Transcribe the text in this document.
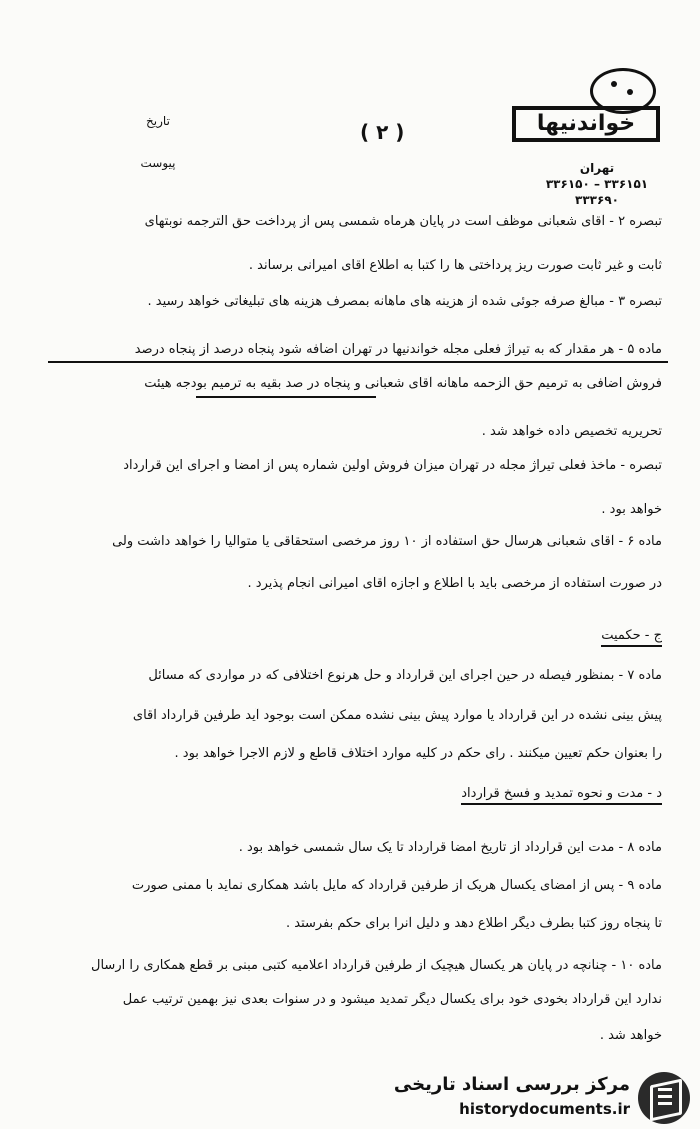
تاریخ
پیوست
( ۲ )	خواندنیها
تهران
۳۳۶۱۵۱ – ۳۳۶۱۵۰
۳۳۳۶۹۰
تبصره ۲ - آقای شعبانی موظف است در پایان هرماه شمسی پس از پرداخت حق الترجمه نوبتهای
ثابت و غیر ثابت صورت ریز پرداختی ها را کتبا به اطلاع آقای امیرانی برساند .
تبصره ۳ - مبالغ صرفه جوئی شده از هزینه های ماهانه بمصرف هزینه های تبلیغاتی خواهد رسید .
ماده ۵ - هر مقدار که به تیراژ فعلی مجله خواندنیها در تهران اضافه شود پنجاه درصد از پنجاه درصد
فروش اضافی به ترمیم حق الزحمه ماهانه آقای شعبانی و پنجاه در صد بقیه به ترمیم بودجه هیئت
تحریریه تخصیص داده خواهد شد .
تبصره - ماخذ فعلی تیراژ مجله در تهران میزان فروش اولین شماره پس از امضا و اجرای این قرارداد
خواهد بود .
ماده ۶ - آقای شعبانی هرسال حق استفاده از ۱۰ روز مرخصی استحقاقی یا متوالیا را خواهد داشت ولی
در صورت استفاده از مرخصی باید با اطلاع و اجازه آقای امیرانی انجام پذیرد .
ج - حکمیت
ماده ۷ - بمنظور فیصله در حین اجرای این قرارداد و حل هرنوع اختلافی که در مواردی که مسائل
پیش بینی نشده در این قرارداد یا موارد پیش بینی نشده ممکن است بوجود آید طرفین قرارداد آقای
را بعنوان حکم تعیین میکنند . رای حکم در کلیه موارد اختلاف قاطع و لازم الاجرا خواهد بود .
د - مدت و نحوه تمدید و فسخ قرارداد
ماده ۸ - مدت این قرارداد از تاریخ امضا قرارداد تا یک سال شمسی خواهد بود .
ماده ۹ - پس از امضای یکسال هریک از طرفین قرارداد که مایل باشد همکاری نماید با ممنی صورت
تا پنجاه روز کتبا بطرف دیگر اطلاع دهد و دلیل آنرا برای حکم بفرستد .
ماده ۱۰ - چنانچه در پایان هر یکسال هیچیک از طرفین قرارداد اعلامیه کتبی مبنی بر قطع همکاری را ارسال
ندارد این قرارداد بخودی خود برای یکسال دیگر تمدید میشود و در سنوات بعدی نیز بهمین ترتیب عمل
خواهد شد .
مرکز بررسی اسناد تاریخی
historydocuments.ir
